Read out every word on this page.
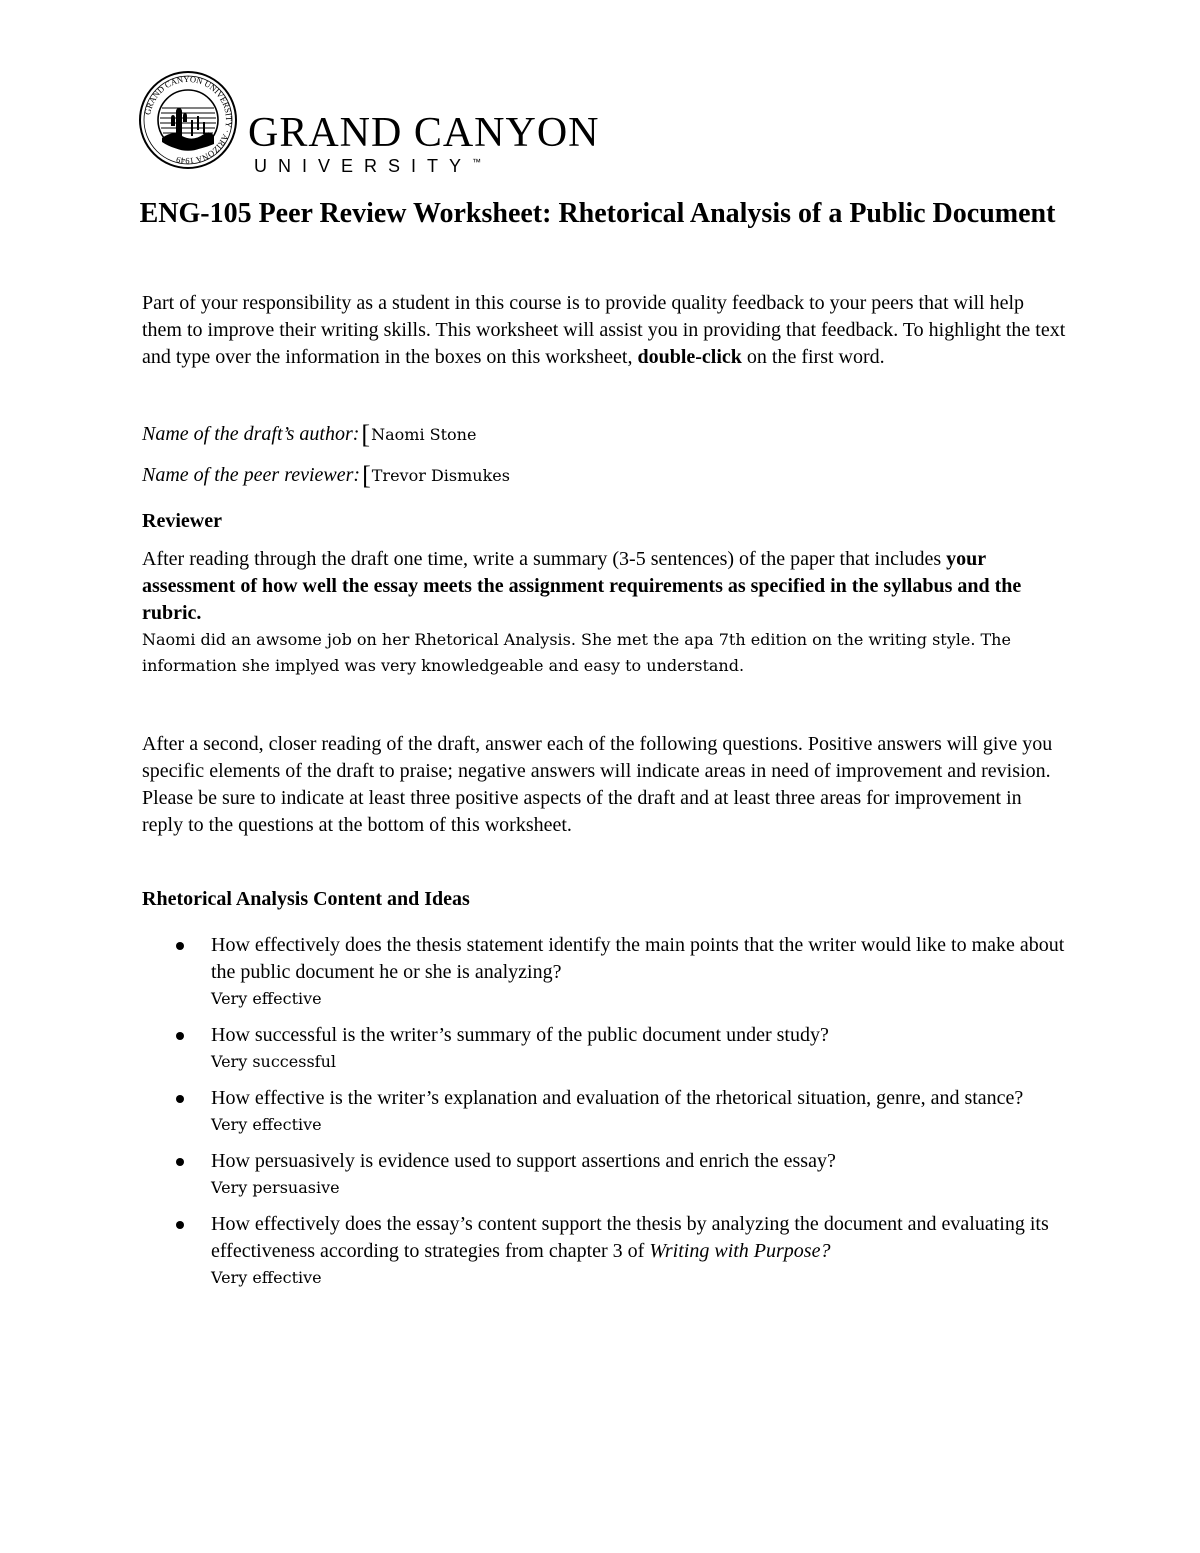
GRAND CANYON UNIVERSITY · ARIZONA 1949
GRAND CANYON
UNIVERSITY™
ENG-105 Peer Review Worksheet: Rhetorical Analysis of a Public Document
Part of your responsibility as a student in this course is to provide quality feedback to your peers that will help them to improve their writing skills. This worksheet will assist you in providing that feedback. To highlight the text and type over the information in the boxes on this worksheet, double-click on the first word.
Name of the draft’s author:[Naomi Stone
Name of the peer reviewer:[Trevor Dismukes
Reviewer
After reading through the draft one time, write a summary (3-5 sentences) of the paper that includes your assessment of how well the essay meets the assignment requirements as specified in the syllabus and the rubric.
Naomi did an awsome job on her Rhetorical Analysis. She met the apa 7th edition on the writing style. The information she implyed was very knowledgeable and easy to understand.
After a second, closer reading of the draft, answer each of the following questions. Positive answers will give you specific elements of the draft to praise; negative answers will indicate areas in need of improvement and revision. Please be sure to indicate at least three positive aspects of the draft and at least three areas for improvement in reply to the questions at the bottom of this worksheet.
Rhetorical Analysis Content and Ideas
How effectively does the thesis statement identify the main points that the writer would like to make about the public document he or she is analyzing?
Very effective
How successful is the writer’s summary of the public document under study?
Very successful
How effective is the writer’s explanation and evaluation of the rhetorical situation, genre, and stance?
Very effective
How persuasively is evidence used to support assertions and enrich the essay?
Very persuasive
How effectively does the essay’s content support the thesis by analyzing the document and evaluating its effectiveness according to strategies from chapter 3 of Writing with Purpose?
Very effective
